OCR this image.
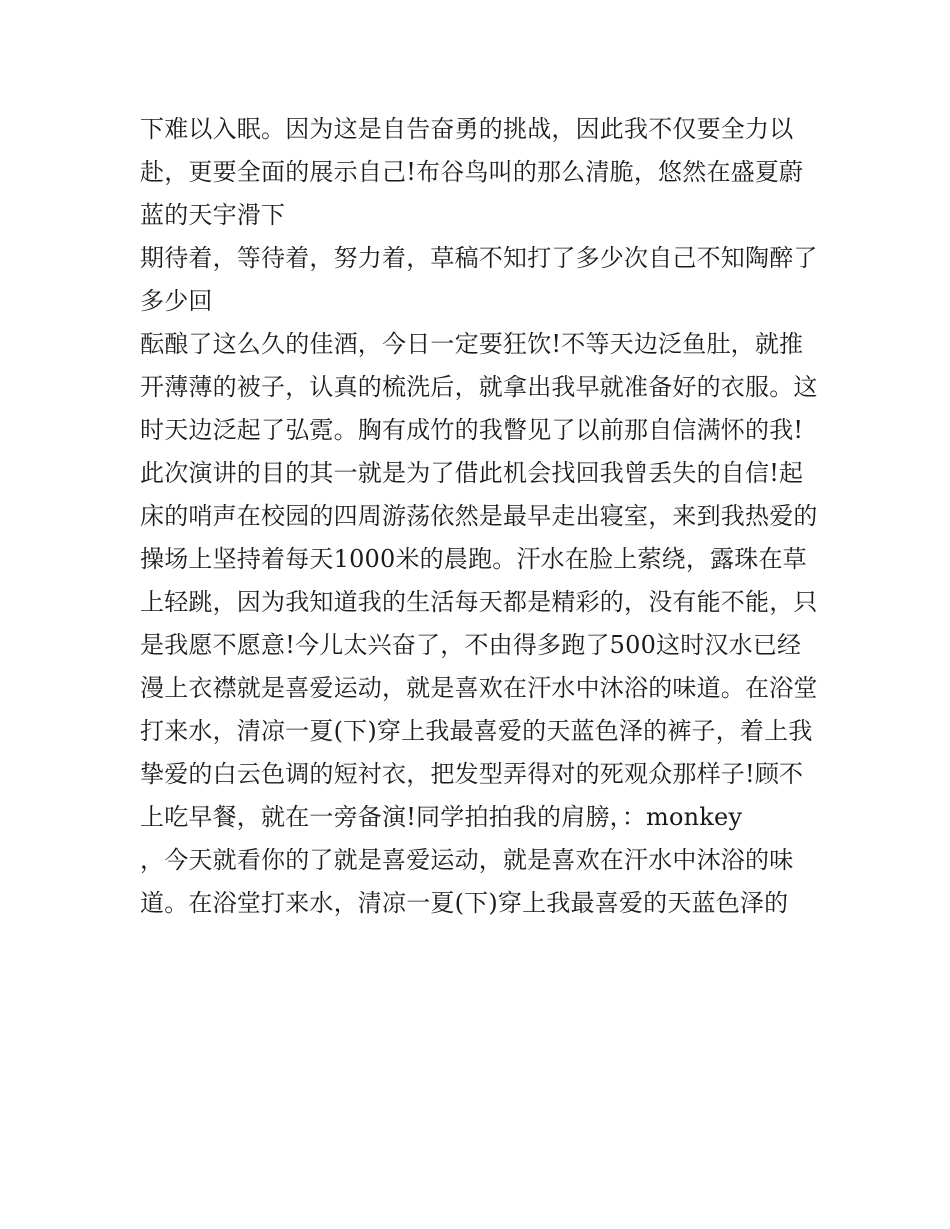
下难以入眠。因为这是自告奋勇的挑战，因此我不仅要全力以赴，更要全面的展示自己!布谷鸟叫的那么清脆，悠然在盛夏蔚蓝的天宇滑下

期待着，等待着，努力着，草稿不知打了多少次自己不知陶醉了多少回

酝酿了这么久的佳酒，今日一定要狂饮!不等天边泛鱼肚，就推开薄薄的被子，认真的梳洗后，就拿出我早就准备好的衣服。这时天边泛起了弘霓。胸有成竹的我瞥见了以前那自信满怀的我!此次演讲的目的其一就是为了借此机会找回我曾丢失的自信!起床的哨声在校园的四周游荡依然是最早走出寝室，来到我热爱的操场上坚持着每天1000米的晨跑。汗水在脸上萦绕，露珠在草上轻跳，因为我知道我的生活每天都是精彩的，没有能不能，只是我愿不愿意!今儿太兴奋了，不由得多跑了500这时汉水已经漫上衣襟就是喜爱运动，就是喜欢在汗水中沐浴的味道。在浴堂打来水，清凉一夏(下)穿上我最喜爱的天蓝色泽的裤子，着上我挚爱的白云色调的短衬衣，把发型弄得对的死观众那样子!顾不上吃早餐，就在一旁备演!同学拍拍我的肩膀，：monkey

，今天就看你的了就是喜爱运动，就是喜欢在汗水中沐浴的味道。在浴堂打来水，清凉一夏(下)穿上我最喜爱的天蓝色泽的
